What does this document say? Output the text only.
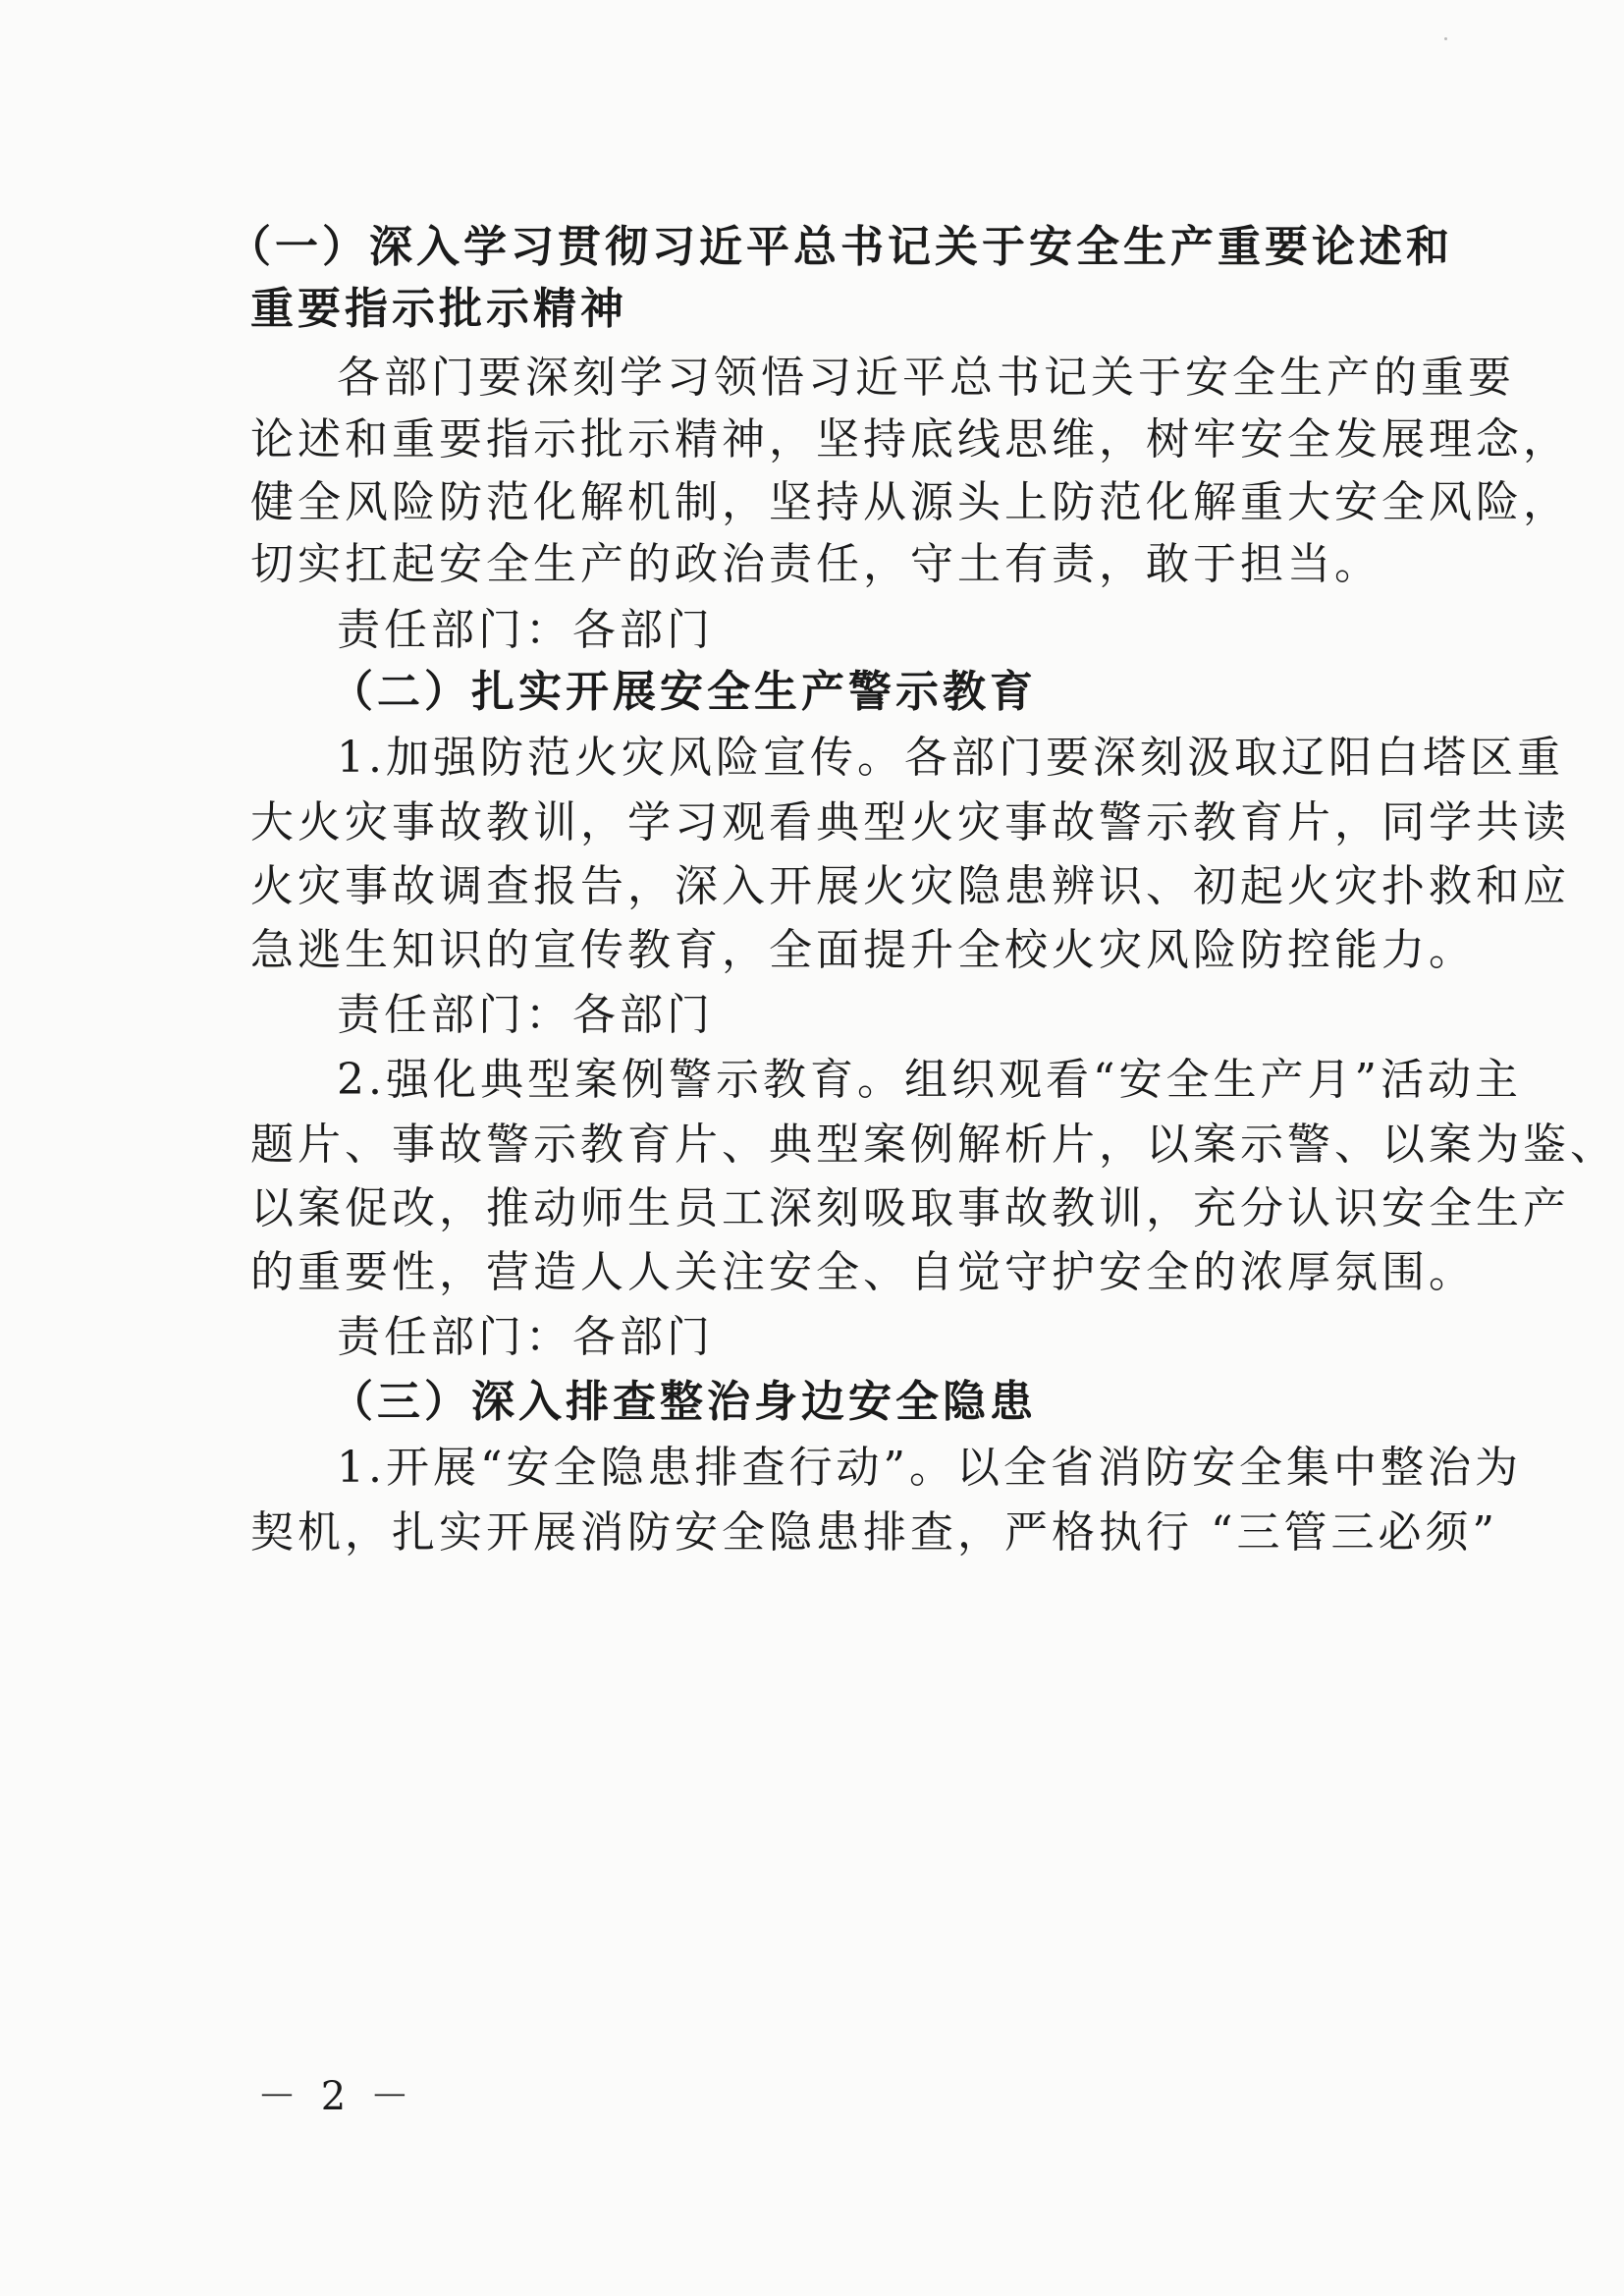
（一）深入学习贯彻习近平总书记关于安全生产重要论述和
重要指示批示精神
各部门要深刻学习领悟习近平总书记关于安全生产的重要
论述和重要指示批示精神，坚持底线思维，树牢安全发展理念，
健全风险防范化解机制，坚持从源头上防范化解重大安全风险，
切实扛起安全生产的政治责任，守土有责，敢于担当。
责任部门：各部门
（二）扎实开展安全生产警示教育
1.加强防范火灾风险宣传。各部门要深刻汲取辽阳白塔区重
大火灾事故教训，学习观看典型火灾事故警示教育片，同学共读
火灾事故调查报告，深入开展火灾隐患辨识、初起火灾扑救和应
急逃生知识的宣传教育，全面提升全校火灾风险防控能力。
责任部门：各部门
2.强化典型案例警示教育。组织观看“安全生产月”活动主
题片、事故警示教育片、典型案例解析片，以案示警、以案为鉴、
以案促改，推动师生员工深刻吸取事故教训，充分认识安全生产
的重要性，营造人人关注安全、自觉守护安全的浓厚氛围。
责任部门：各部门
（三）深入排查整治身边安全隐患
1.开展“安全隐患排查行动”。以全省消防安全集中整治为
契机，扎实开展消防安全隐患排查，严格执行 “三管三必须”
－ 2 －
